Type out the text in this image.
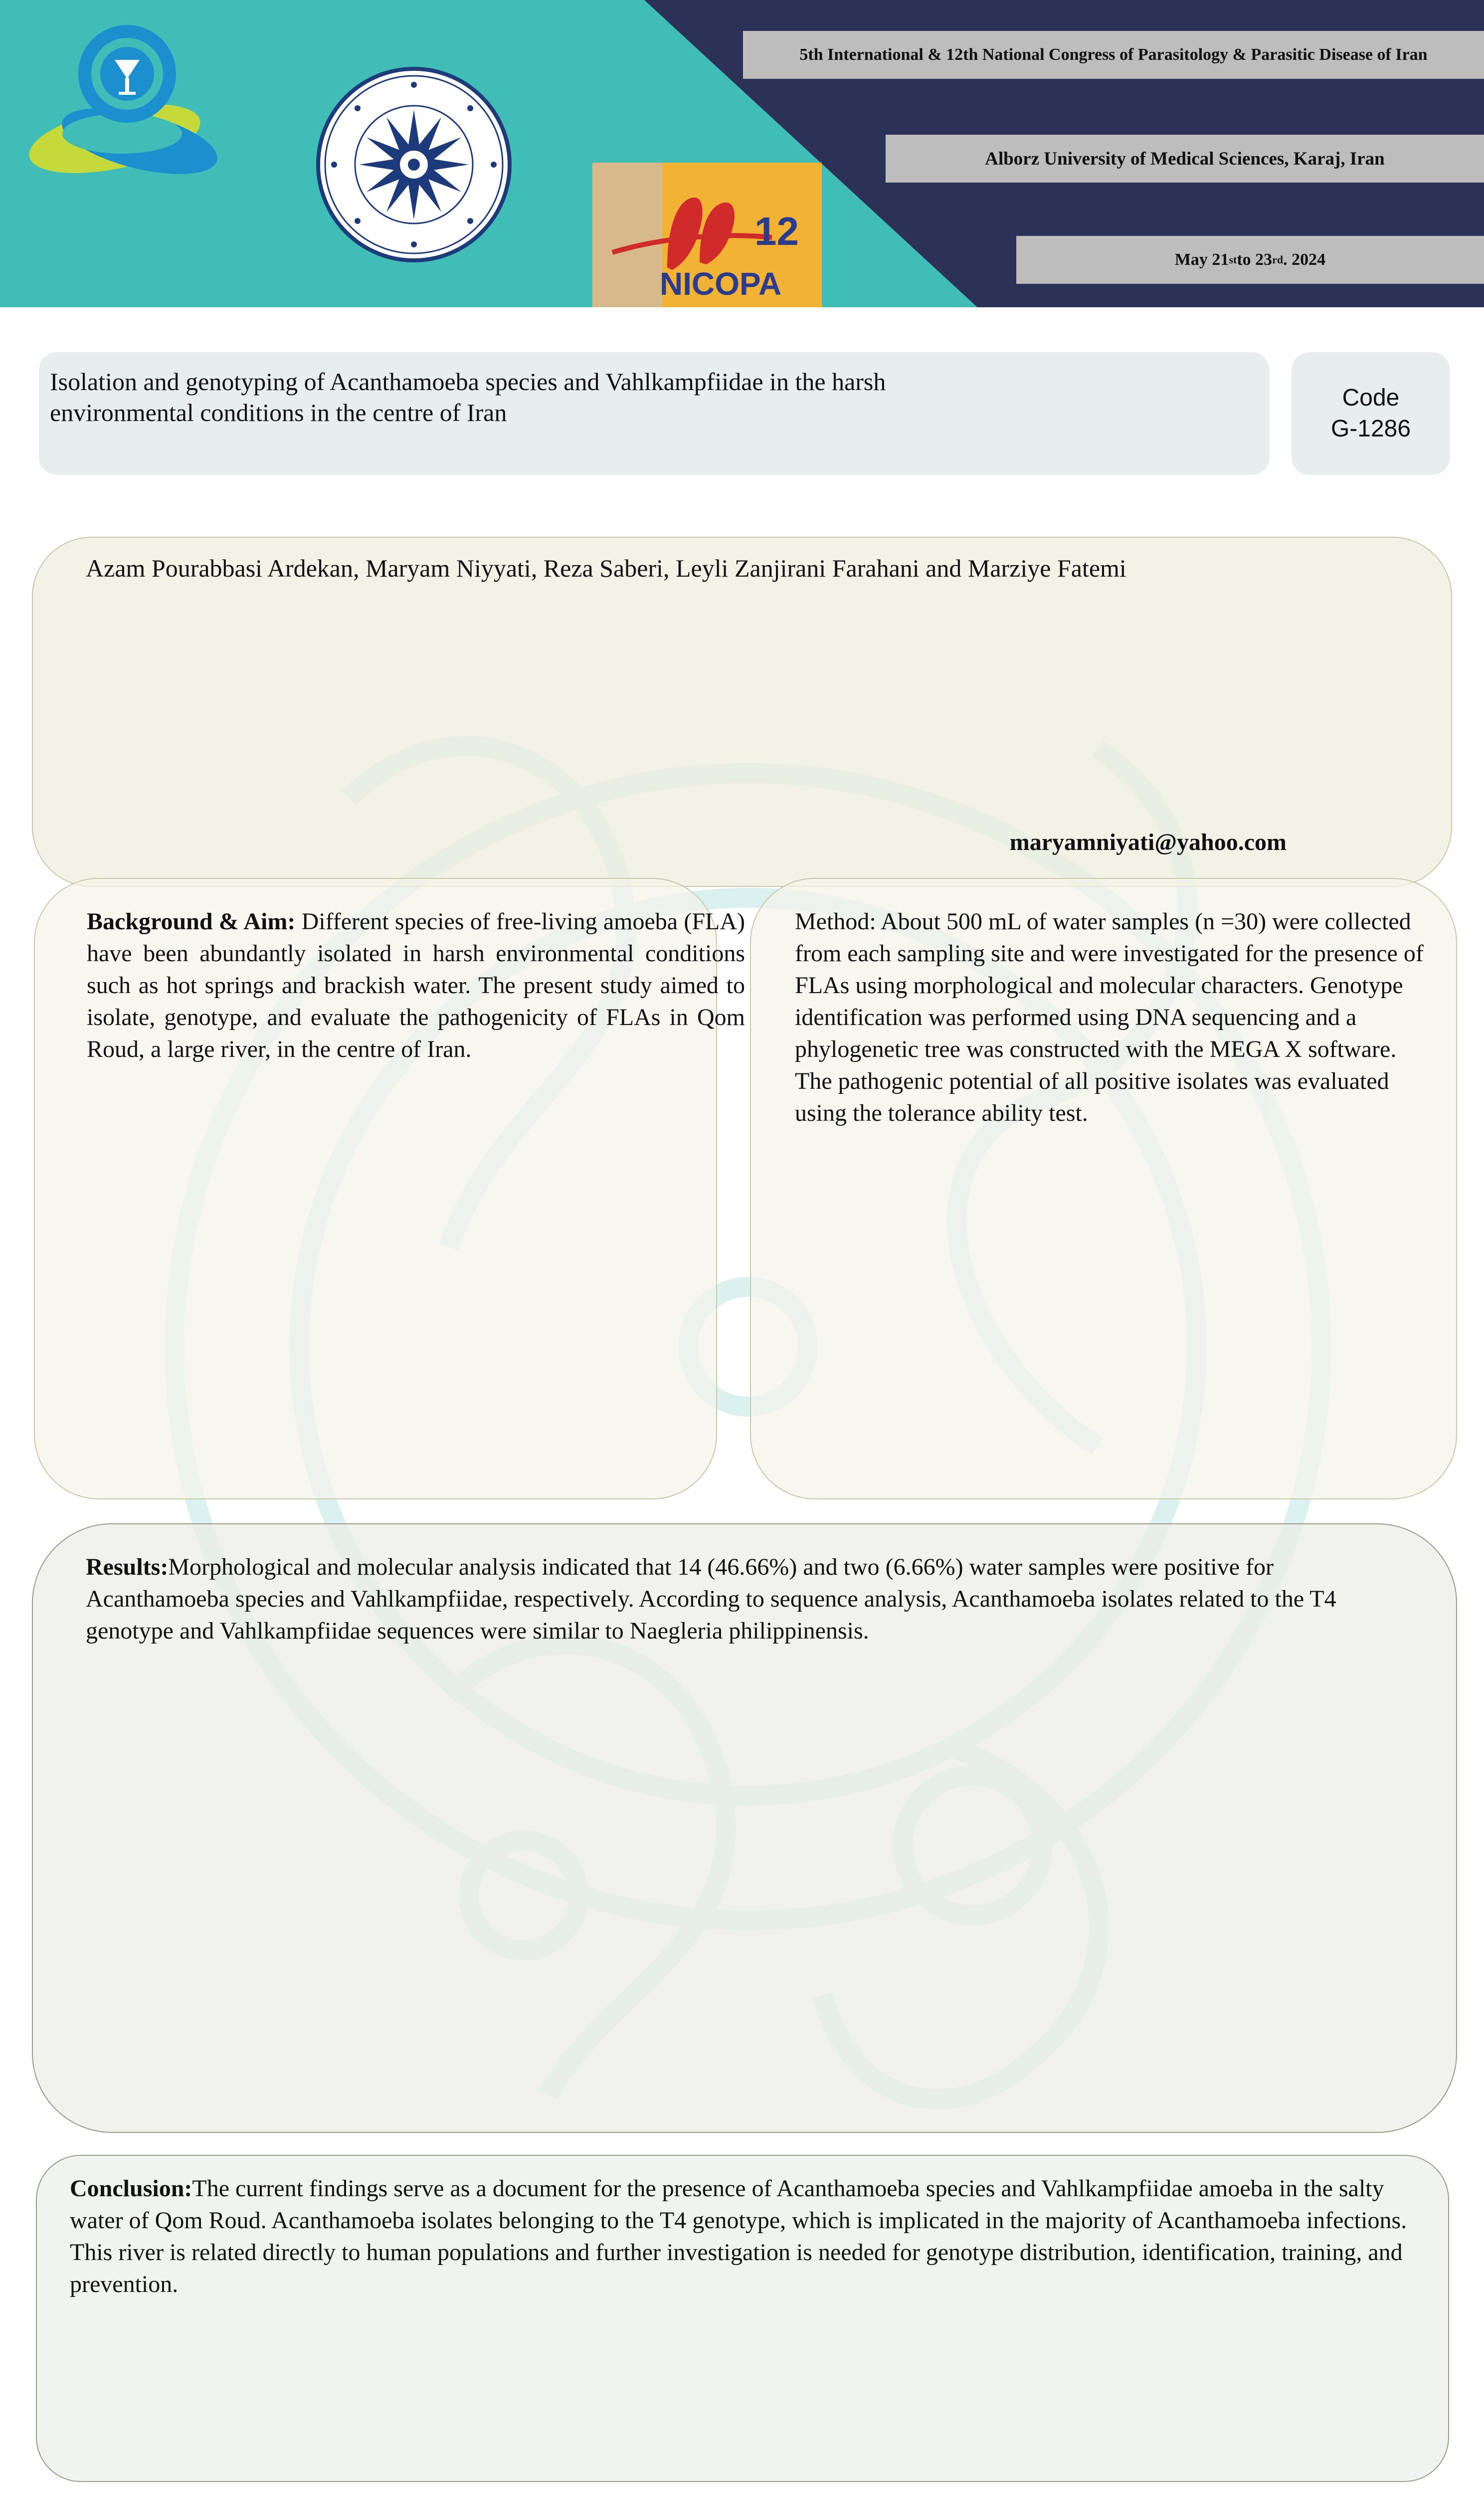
12
NICOPA
5th International & 12th National Congress of Parasitology & Parasitic Disease of Iran
Alborz University of Medical Sciences, Karaj, Iran
May 21 st to 23 rd . 2024
Isolation and genotyping of Acanthamoeba species and Vahlkampfiidae in the harsh environmental conditions in the centre of Iran
Code
G-1286
Azam Pourabbasi Ardekan, Maryam Niyyati, Reza Saberi, Leyli Zanjirani Farahani and Marziye Fatemi
maryamniyati@yahoo.com
Background & Aim: Different species of free-living amoeba (FLA) have been abundantly isolated in harsh environmental conditions such as hot springs and brackish water. The present study aimed to isolate, genotype, and evaluate the pathogenicity of FLAs in Qom Roud, a large river, in the centre of Iran.
Method: About 500 mL of water samples (n =30) were collected from each sampling site and were investigated for the presence of FLAs using morphological and molecular characters. Genotype identification was performed using DNA sequencing and a phylogenetic tree was constructed with the MEGA X software. The pathogenic potential of all positive isolates was evaluated using the tolerance ability test.
Results:Morphological and molecular analysis indicated that 14 (46.66%) and two (6.66%) water samples were positive for Acanthamoeba species and Vahlkampfiidae, respectively. According to sequence analysis, Acanthamoeba isolates related to the T4 genotype and Vahlkampfiidae sequences were similar to Naegleria philippinensis.
Conclusion:The current findings serve as a document for the presence of Acanthamoeba species and Vahlkampfiidae amoeba in the salty water of Qom Roud. Acanthamoeba isolates belonging to the T4 genotype, which is implicated in the majority of Acanthamoeba infections. This river is related directly to human populations and further investigation is needed for genotype distribution, identification, training, and prevention.
